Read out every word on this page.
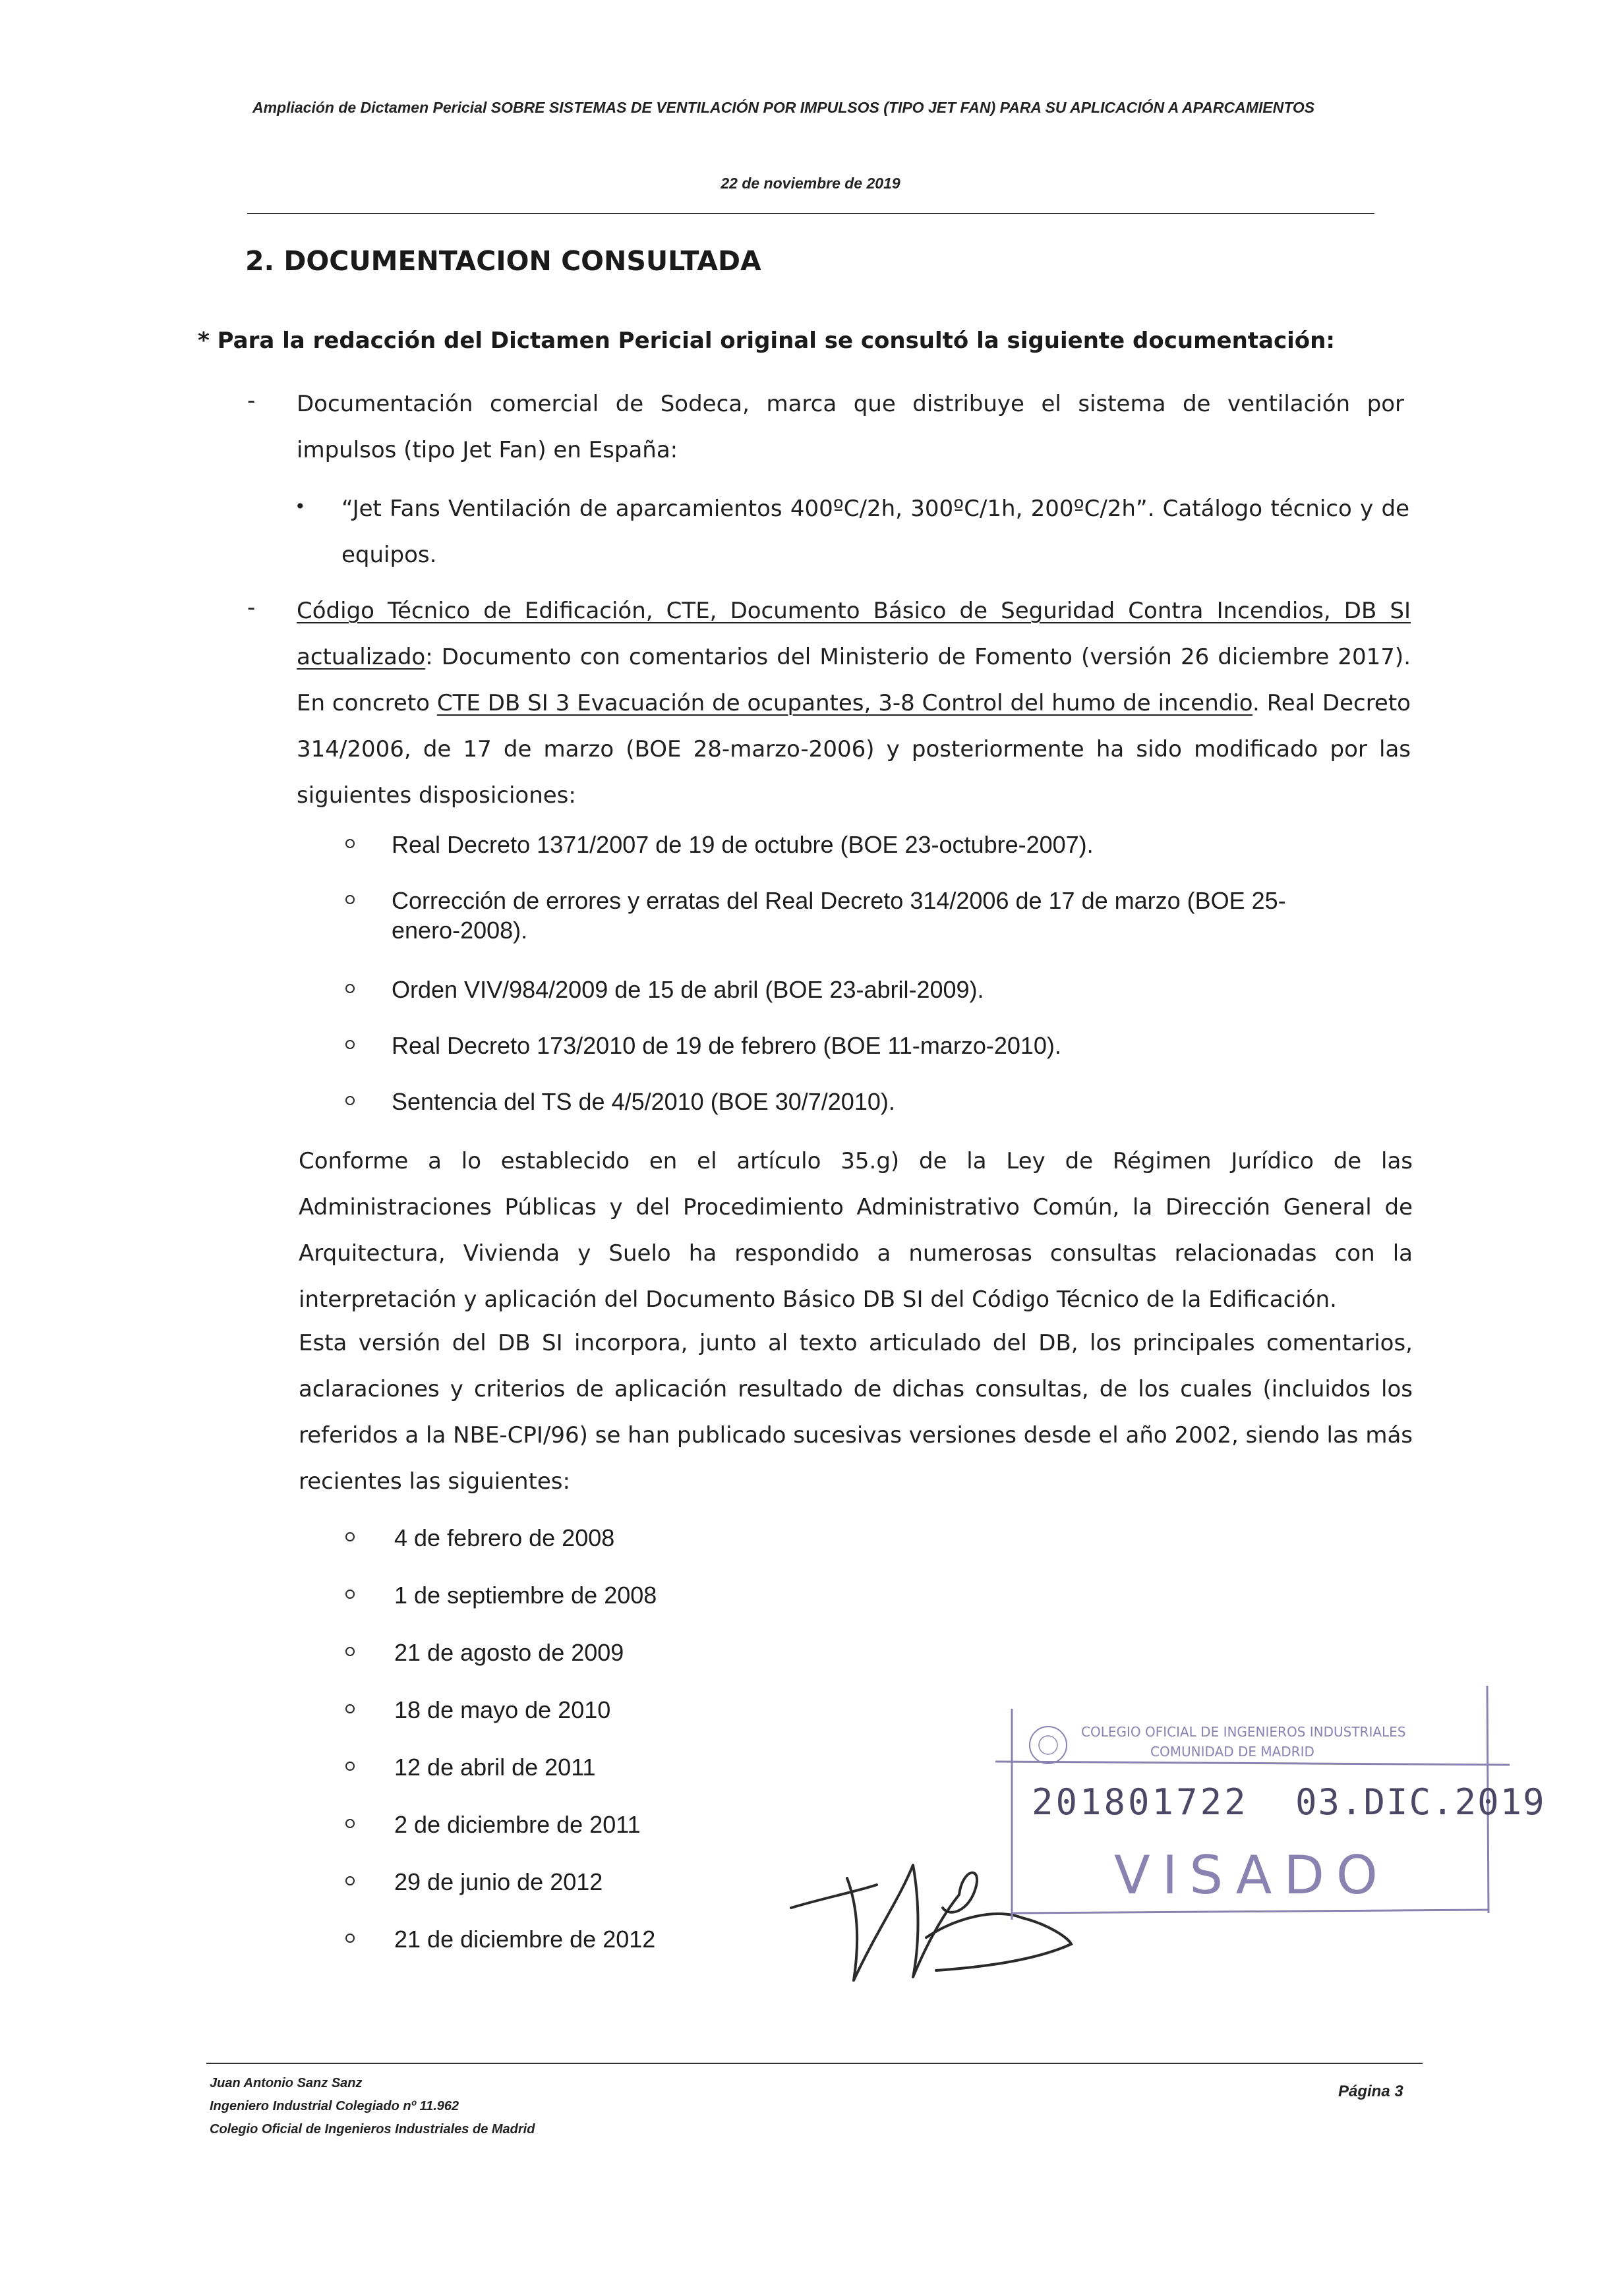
Ampliación de Dictamen Pericial SOBRE SISTEMAS DE VENTILACIÓN POR IMPULSOS (TIPO JET FAN) PARA SU APLICACIÓN A APARCAMIENTOS
22 de noviembre de 2019
2. DOCUMENTACION CONSULTADA
* Para la redacción del Dictamen Pericial original se consultó la siguiente documentación:
- Documentación comercial de Sodeca, marca que distribuye el sistema de ventilación por impulsos (tipo Jet Fan) en España:
• “Jet Fans Ventilación de aparcamientos 400ºC/2h, 300ºC/1h, 200ºC/2h”. Catálogo técnico y de equipos.
- Código Técnico de Edificación, CTE, Documento Básico de Seguridad Contra Incendios, DB SI actualizado: Documento con comentarios del Ministerio de Fomento (versión 26 diciembre 2017). En concreto CTE DB SI 3 Evacuación de ocupantes, 3-8 Control del humo de incendio. Real Decreto 314/2006, de 17 de marzo (BOE 28-marzo-2006) y posteriormente ha sido modificado por las siguientes disposiciones:
Real Decreto 1371/2007 de 19 de octubre (BOE 23-octubre-2007).
Corrección de errores y erratas del Real Decreto 314/2006 de 17 de marzo (BOE 25-
enero-2008).
Orden VIV/984/2009 de 15 de abril (BOE 23-abril-2009).
Real Decreto 173/2010 de 19 de febrero (BOE 11-marzo-2010).
Sentencia del TS de 4/5/2010 (BOE 30/7/2010).
Conforme a lo establecido en el artículo 35.g) de la Ley de Régimen Jurídico de las Administraciones Públicas y del Procedimiento Administrativo Común, la Dirección General de Arquitectura, Vivienda y Suelo ha respondido a numerosas consultas relacionadas con la interpretación y aplicación del Documento Básico DB SI del Código Técnico de la Edificación.
Esta versión del DB SI incorpora, junto al texto articulado del DB, los principales comentarios, aclaraciones y criterios de aplicación resultado de dichas consultas, de los cuales (incluidos los referidos a la NBE-CPI/96) se han publicado sucesivas versiones desde el año 2002, siendo las más recientes las siguientes:
4 de febrero de 2008
1 de septiembre de 2008
21 de agosto de 2009
18 de mayo de 2010
12 de abril de 2011
2 de diciembre de 2011
29 de junio de 2012
21 de diciembre de 2012
COLEGIO OFICIAL DE INGENIEROS INDUSTRIALES
COMUNIDAD DE MADRID
201801722 03.DIC.2019
VISADO
Juan Antonio Sanz Sanz
Ingeniero Industrial Colegiado nº 11.962
Colegio Oficial de Ingenieros Industriales de Madrid
Página 3
